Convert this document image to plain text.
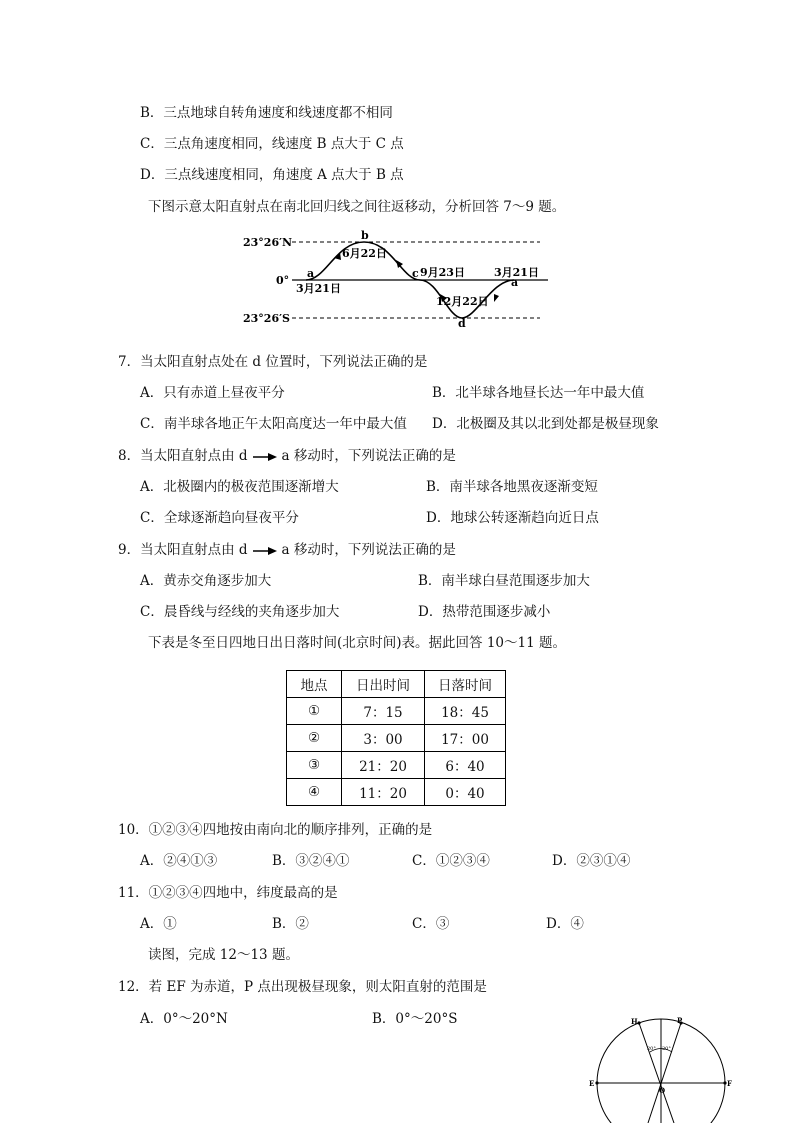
B．三点地球自转角速度和线速度都不相同
C．三点角速度相同，线速度 B 点大于 C 点
D．三点线速度相同，角速度 A 点大于 B 点
下图示意太阳直射点在南北回归线之间往返移动，分析回答 7～9 题。
23°26′N
0°
23°26′S
a
b
c
d
a
3月21日
6月22日
9月23日
12月22日
3月21日
7．当太阳直射点处在 d 位置时，下列说法正确的是
A．只有赤道上昼夜平分	B．北半球各地昼长达一年中最大值
C．南半球各地正午太阳高度达一年中最大值 D．北极圈及其以北到处都是极昼现象
8．当太阳直射点由 d	a 移动时，下列说法正确的是
A．北极圈内的极夜范围逐渐增大	B．南半球各地黑夜逐渐变短
C．全球逐渐趋向昼夜平分	D．地球公转逐渐趋向近日点
9．当太阳直射点由 d	a 移动时，下列说法正确的是
A．黄赤交角逐步加大	B．南半球白昼范围逐步加大
C．晨昏线与经线的夹角逐步加大	D．热带范围逐步减小
下表是冬至日四地日出日落时间(北京时间)表。据此回答 10～11 题。
地点	日出时间	日落时间
①	7：15	18：45
②	3：00	17：00
③	21：20	6：40
④	11：20	0：40
10．①②③④四地按由南向北的顺序排列，正确的是
A．②④①③	B．③②④①	C．①②③④	D．②③①④
11．①②③④四地中，纬度最高的是
A．①	B．②	C．③	D．④
读图，完成 12～13 题。
12．若 EF 为赤道，P 点出现极昼现象，则太阳直射的范围是
A．0°～20°N	B．0°～20°S	H	P
E	F
O
20° 20°
